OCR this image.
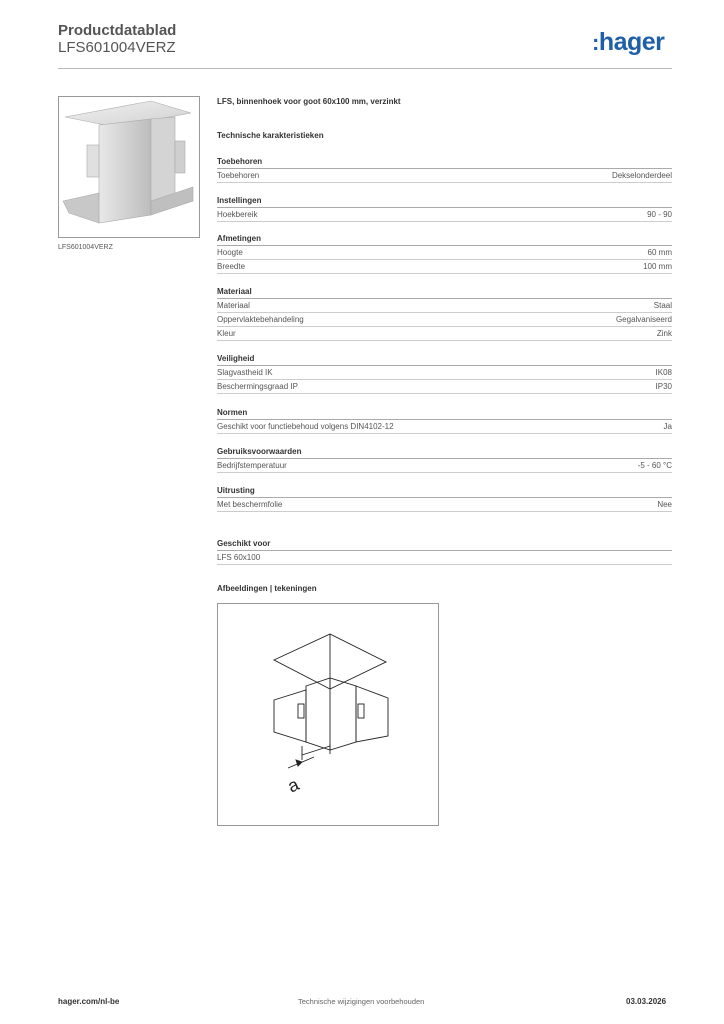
Productdatablad
LFS601004VERZ	:hager
LFS601004VERZ
LFS, binnenhoek voor goot 60x100 mm, verzinkt
Technische karakteristieken
Toebehoren
Toebehoren	Dekselonderdeel
Instellingen
Hoekbereik	90 - 90
Afmetingen
Hoogte	60 mm
Breedte	100 mm
Materiaal
Materiaal	Staal
Oppervlaktebehandeling	Gegalvaniseerd
Kleur	Zink
Veiligheid
Slagvastheid IK	IK08
Beschermingsgraad IP	IP30
Normen
Geschikt voor functiebehoud volgens DIN4102-12	Ja
Gebruiksvoorwaarden
Bedrijfstemperatuur	-5 - 60 °C
Uitrusting
Met beschermfolie	Nee
Geschikt voor
LFS 60x100
Afbeeldingen | tekeningen
a
hager.com/nl-be	Technische wijzigingen voorbehouden	03.03.2026
